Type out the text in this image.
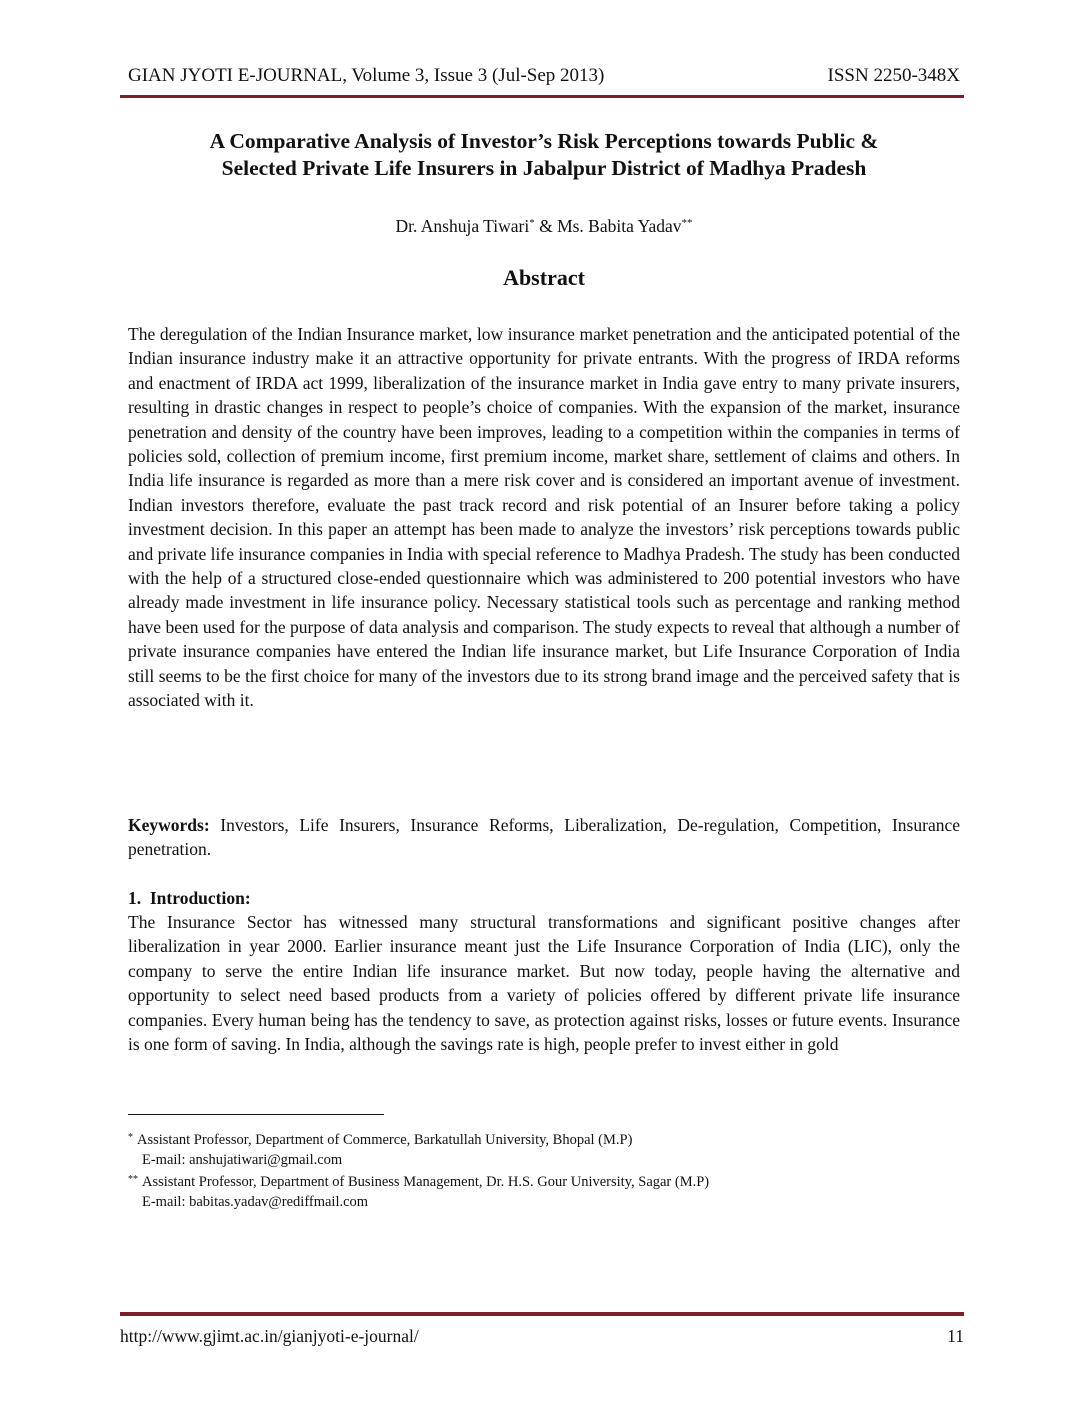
GIAN JYOTI E-JOURNAL, Volume 3, Issue 3 (Jul-Sep 2013)	ISSN 2250-348X
A Comparative Analysis of Investor’s Risk Perceptions towards Public &
Selected Private Life Insurers in Jabalpur District of Madhya Pradesh
Dr. Anshuja Tiwari* & Ms. Babita Yadav**
Abstract

The deregulation of the Indian Insurance market, low insurance market penetration and the anticipated potential of the Indian insurance industry make it an attractive opportunity for private entrants. With the progress of IRDA reforms and enactment of IRDA act 1999, liberalization of the insurance market in India gave entry to many private insurers, resulting in drastic changes in respect to people’s choice of companies. With the expansion of the market, insurance penetration and density of the country have been improves, leading to a competition within the companies in terms of policies sold, collection of premium income, first premium income, market share, settlement of claims and others. In India life insurance is regarded as more than a mere risk cover and is considered an important avenue of investment. Indian investors therefore, evaluate the past track record and risk potential of an Insurer before taking a policy investment decision. In this paper an attempt has been made to analyze the investors’ risk perceptions towards public and private life insurance companies in India with special reference to Madhya Pradesh. The study has been conducted with the help of a structured close-ended questionnaire which was administered to 200 potential investors who have already made investment in life insurance policy. Necessary statistical tools such as percentage and ranking method have been used for the purpose of data analysis and comparison. The study expects to reveal that although a number of private insurance companies have entered the Indian life insurance market, but Life Insurance Corporation of India still seems to be the first choice for many of the investors due to its strong brand image and the perceived safety that is associated with it.

Keywords: Investors, Life Insurers, Insurance Reforms, Liberalization, De-regulation, Competition, Insurance penetration.

1.  Introduction:

The Insurance Sector has witnessed many structural transformations and significant positive changes after liberalization in year 2000. Earlier insurance meant just the Life Insurance Corporation of India (LIC), only the company to serve the entire Indian life insurance market. But now today, people having the alternative and opportunity to select need based products from a variety of policies offered by different private life insurance companies. Every human being has the tendency to save, as protection against risks, losses or future events. Insurance is one form of saving. In India, although the savings rate is high, people prefer to invest either in gold

* Assistant Professor, Department of Commerce, Barkatullah University, Bhopal (M.P)
E-mail: anshujatiwari@gmail.com
** Assistant Professor, Department of Business Management, Dr. H.S. Gour University, Sagar (M.P)
E-mail: babitas.yadav@rediffmail.com
http://www.gjimt.ac.in/gianjyoti-e-journal/	11
